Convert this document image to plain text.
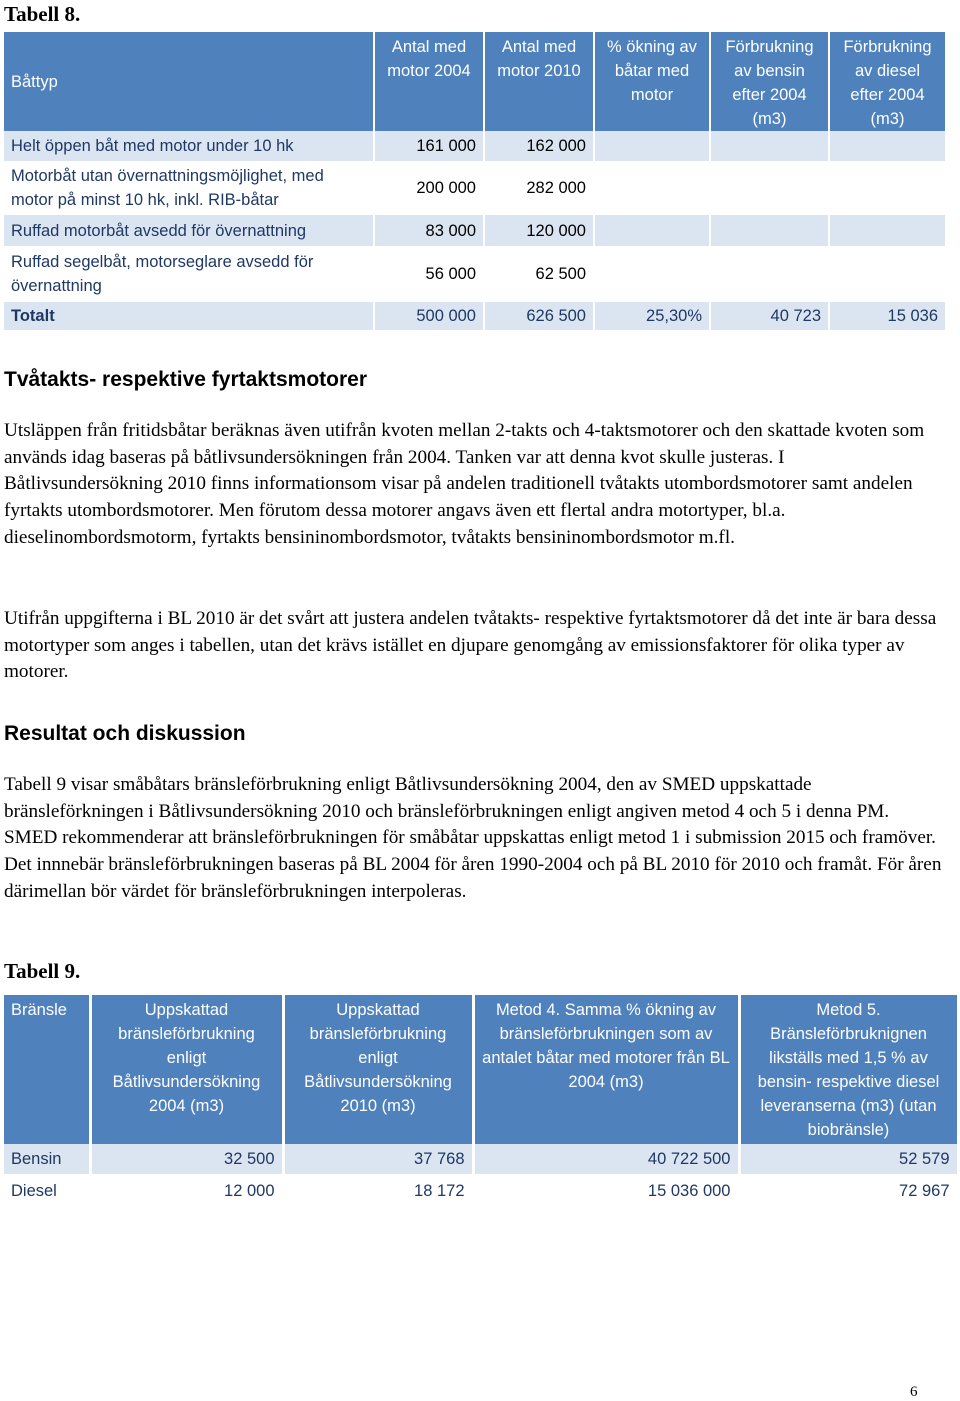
Tabell 8.
Båttyp	Antal med motor 2004	Antal med motor 2010	% ökning av båtar med motor	Förbrukning av bensin efter 2004 (m3)	Förbrukning av diesel efter 2004 (m3)
Helt öppen båt med motor under 10 hk	161 000	162 000			
Motorbåt utan övernattningsmöjlighet, med motor på minst 10 hk, inkl. RIB-båtar	200 000	282 000			
Ruffad motorbåt avsedd för övernattning	83 000	120 000			
Ruffad segelbåt, motorseglare avsedd för övernattning	56 000	62 500			
Totalt	500 000	626 500	25,30%	40 723	15 036
Tvåtakts- respektive fyrtaktsmotorer

Utsläppen från fritidsbåtar beräknas även utifrån kvoten mellan 2-takts och 4-taktsmotorer och den skattade kvoten som används idag baseras på båtlivsundersökningen från 2004. Tanken var att denna kvot skulle justeras. I Båtlivsundersökning 2010 finns informationsom visar på andelen traditionell tvåtakts utombordsmotorer samt andelen fyrtakts utombordsmotorer. Men förutom dessa motorer angavs även ett flertal andra motortyper, bl.a. dieselinombordsmotorm, fyrtakts bensininombordsmotor, tvåtakts bensininombordsmotor m.fl.

Utifrån uppgifterna i BL 2010 är det svårt att justera andelen tvåtakts- respektive fyrtaktsmotorer då det inte är bara dessa motortyper som anges i tabellen, utan det krävs istället en djupare genomgång av emissionsfaktorer för olika typer av motorer.

Resultat och diskussion

Tabell 9 visar småbåtars bränsleförbrukning enligt Båtlivsundersökning 2004, den av SMED uppskattade bränsleförkningen i Båtlivsundersökning 2010 och bränsleförbrukningen enligt angiven metod 4 och 5 i denna PM. SMED rekommenderar att bränsleförbrukningen för småbåtar uppskattas enligt metod 1 i submission 2015 och framöver. Det innnebär bränsleförbrukningen baseras på BL 2004 för åren 1990-2004 och på BL 2010 för 2010 och framåt. För åren därimellan bör värdet för bränsleförbrukningen interpoleras.

Tabell 9.
Bränsle	Uppskattad bränsleförbrukning enligt Båtlivsundersökning 2004 (m3)	Uppskattad bränsleförbrukning enligt Båtlivsundersökning 2010 (m3)	Metod 4. Samma % ökning av bränsleförbrukningen som av antalet båtar med motorer från BL 2004 (m3)	Metod 5. Bränsleförbruknignen likställs med 1,5 % av bensin- respektive diesel leveranserna (m3) (utan biobränsle)
Bensin	32 500	37 768	40 722 500	52 579
Diesel	12 000	18 172	15 036 000	72 967
6
